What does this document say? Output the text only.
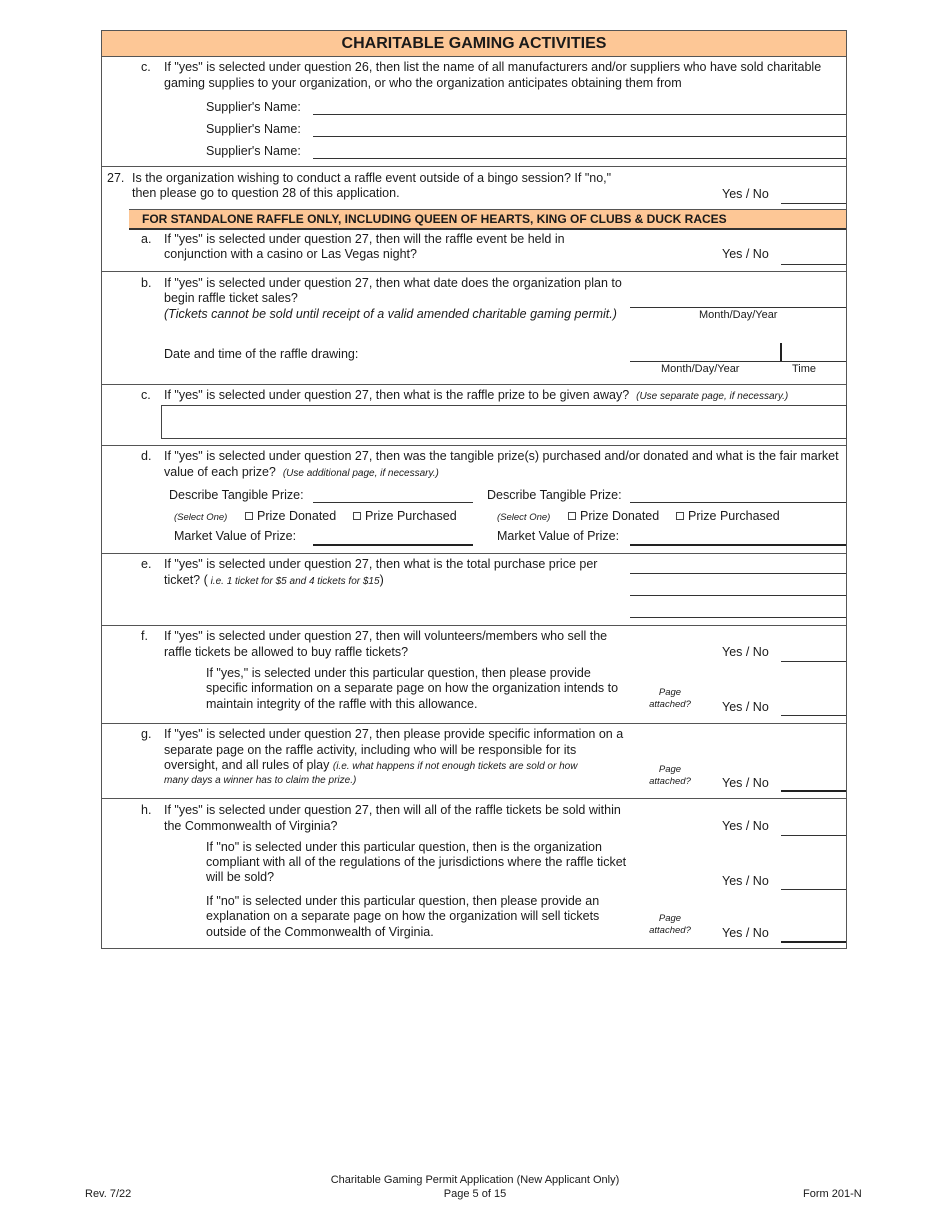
CHARITABLE GAMING ACTIVITIES
c. If "yes" is selected under question 26, then list the name of all manufacturers and/or suppliers who have sold charitable
gaming supplies to your organization, or who the organization anticipates obtaining them from
Supplier's Name:
Supplier's Name:
Supplier's Name:
27. Is the organization wishing to conduct a raffle event outside of a bingo session? If "no,"
then please go to question 28 of this application.	Yes / No
FOR STANDALONE RAFFLE ONLY, INCLUDING QUEEN OF HEARTS, KING OF CLUBS & DUCK RACES
a. If "yes" is selected under question 27, then will the raffle event be held in
conjunction with a casino or Las Vegas night?	Yes / No
b. If "yes" is selected under question 27, then what date does the organization plan to
begin raffle ticket sales?
(Tickets cannot be sold until receipt of a valid amended charitable gaming permit.)	Month/Day/Year
Date and time of the raffle drawing:
Month/Day/Year	Time
c. If "yes" is selected under question 27, then what is the raffle prize to be given away? (Use separate page, if necessary.)
d. If "yes" is selected under question 27, then was the tangible prize(s) purchased and/or donated and what is the fair market
value of each prize? (Use additional page, if necessary.)
Describe Tangible Prize:	Describe Tangible Prize:
(Select One)	Prize Donated	Prize Purchased	(Select One)	Prize Donated	Prize Purchased
Market Value of Prize:	Market Value of Prize:
e. If "yes" is selected under question 27, then what is the total purchase price per
ticket? ( i.e. 1 ticket for $5 and 4 tickets for $15)
f. If "yes" is selected under question 27, then will volunteers/members who sell the
raffle tickets be allowed to buy raffle tickets?	Yes / No
If "yes," is selected under this particular question, then please provide
specific information on a separate page on how the organization intends to
maintain integrity of the raffle with this allowance.
Page
attached? Yes / No
g. If "yes" is selected under question 27, then please provide specific information on a
separate page on the raffle activity, including who will be responsible for its
oversight, and all rules of play (i.e. what happens if not enough tickets are sold or how
many days a winner has to claim the prize.)
Page
attached? Yes / No
h. If "yes" is selected under question 27, then will all of the raffle tickets be sold within
the Commonwealth of Virginia?	Yes / No
If "no" is selected under this particular question, then is the organization
compliant with all of the regulations of the jurisdictions where the raffle ticket
will be sold?	Yes / No
If "no" is selected under this particular question, then please provide an
explanation on a separate page on how the organization will sell tickets
outside of the Commonwealth of Virginia.
Page
attached? Yes / No
Rev. 7/22
Charitable Gaming Permit Application (New Applicant Only)
Page 5 of 15	Form 201-N
